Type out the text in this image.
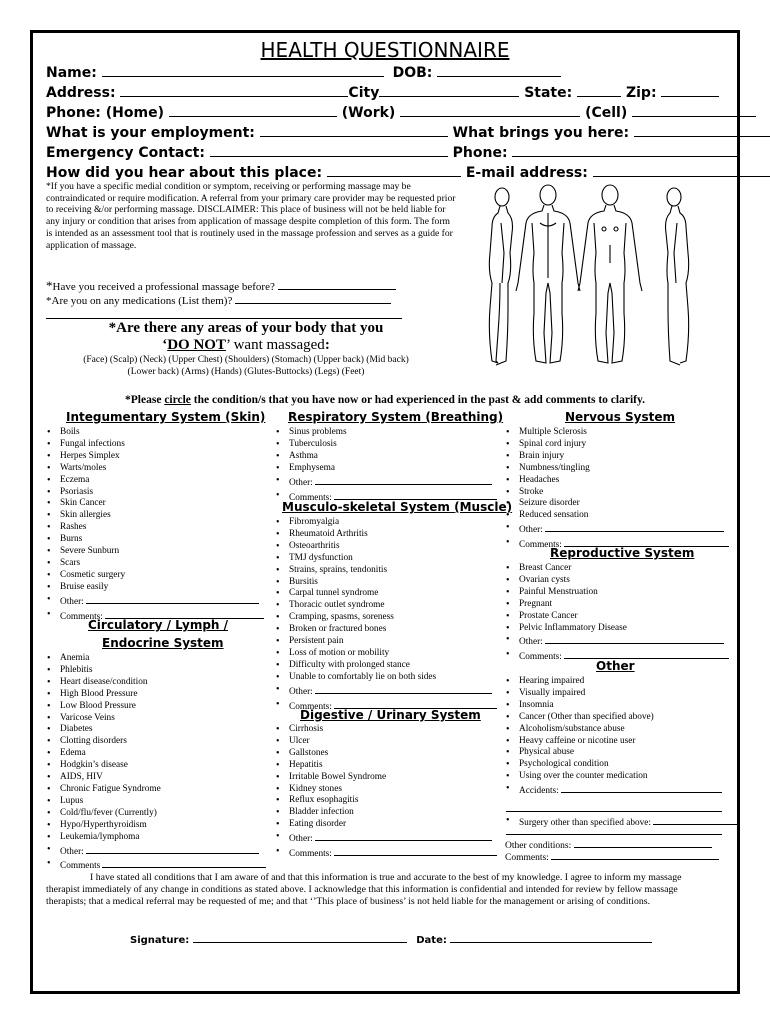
HEALTH QUESTIONNAIRE
Name:	DOB:
Address:	City	State:	Zip:
Phone: (Home)	(Work)	(Cell)
What is your employment:	What brings you here:
Emergency Contact:	Phone:
How did you hear about this place:	E-mail address:
*If you have a specific medial condition or symptom, receiving or performing massage may be contraindicated or require modification. A referral from your primary care provider may be requested prior to receiving &/or performing massage. DISCLAIMER: This place of business will not be held liable for any injury or condition that arises from application of massage despite completion of this form. The form is intended as an assessment tool that is routinely used in the massage profession and serves as a guide for application of massage.
*Have you received a professional massage before?
*Are you on any medications (List them)?
*Are there any areas of your body that you
‘DO NOT’ want massaged:
(Face) (Scalp) (Neck) (Upper Chest) (Shoulders) (Stomach) (Upper back) (Mid back)
(Lower back) (Arms) (Hands) (Glutes-Buttocks) (Legs) (Feet)
*Please circle the condition/s that you have now or had experienced in the past & add comments to clarify.
Integumentary System (Skin)
• Boils
• Fungal infections
• Herpes Simplex
• Warts/moles
• Eczema
• Psoriasis
• Skin Cancer
• Skin allergies
• Rashes
• Burns
• Severe Sunburn
• Scars
• Cosmetic surgery
• Bruise easily
• Other:
• Comments:
Circulatory / Lymph /
Endocrine System
• Anemia
• Phlebitis
• Heart disease/condition
• High Blood Pressure
• Low Blood Pressure
• Varicose Veins
• Diabetes
• Clotting disorders
• Edema
• Hodgkin’s disease
• AIDS, HIV
• Chronic Fatigue Syndrome
• Lupus
• Cold/flu/fever (Currently)
• Hypo/Hyperthyroidism
• Leukemia/lymphoma
• Other:
• Comments
Respiratory System (Breathing)
• Sinus problems
• Tuberculosis
• Asthma
• Emphysema
• Other:
• Comments:
Musculo-skeletal System (Muscle)
• Fibromyalgia
• Rheumatoid Arthritis
• Osteoarthritis
• TMJ dysfunction
• Strains, sprains, tendonitis
• Bursitis
• Carpal tunnel syndrome
• Thoracic outlet syndrome
• Cramping, spasms, soreness
• Broken or fractured bones
• Persistent pain
• Loss of motion or mobility
• Difficulty with prolonged stance
• Unable to comfortably lie on both sides
• Other:
• Comments:
Digestive / Urinary System
• Cirrhosis
• Ulcer
• Gallstones
• Hepatitis
• Irritable Bowel Syndrome
• Kidney stones
• Reflux esophagitis
• Bladder infection
• Eating disorder
• Other:
• Comments:
Nervous System
• Multiple Sclerosis
• Spinal cord injury
• Brain injury
• Numbness/tingling
• Headaches
• Stroke
• Seizure disorder
• Reduced sensation
• Other:
• Comments:
Reproductive System
• Breast Cancer
• Ovarian cysts
• Painful Menstruation
• Pregnant
• Prostate Cancer
• Pelvic Inflammatory Disease
• Other:
• Comments:
Other
• Hearing impaired
• Visually impaired
• Insomnia
• Cancer (Other than specified above)
• Alcoholism/substance abuse
• Heavy caffeine or nicotine user
• Physical abuse
• Psychological condition
• Using over the counter medication
• Accidents:
• Surgery other than specified above:
Other conditions:
Comments:
I have stated all conditions that I am aware of and that this information is true and accurate to the best of my knowledge. I agree to inform my massage therapist immediately of any change in conditions as stated above. I acknowledge that this information is confidential and intended for review by fellow massage therapists; that a medical referral may be requested of me; and that ‘’This place of business’ is not held liable for the management or arising of conditions.
Signature:	Date:
